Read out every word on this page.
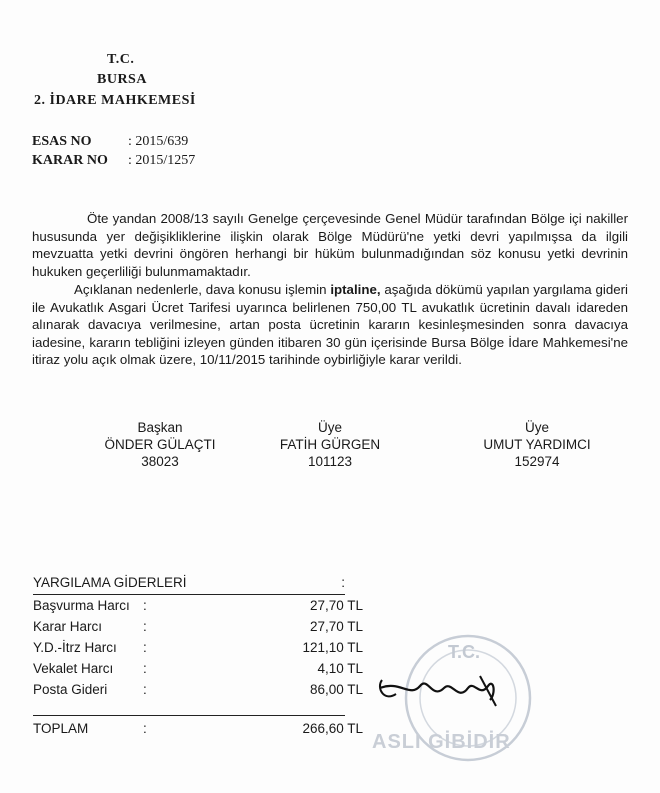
T.C.
BURSA
2. İDARE MAHKEMESİ
ESAS NO	: 2015/639
KARAR NO : 2015/1257

Öte yandan 2008/13 sayılı Genelge çerçevesinde Genel Müdür tarafından Bölge içi nakiller hususunda yer değişikliklerine ilişkin olarak Bölge Müdürü'ne yetki devri yapılmışsa da ilgili mevzuatta yetki devrini öngören herhangi bir hüküm bulunmadığından söz konusu yetki devrinin hukuken geçerliliği bulunmamaktadır.

Açıklanan nedenlerle, dava konusu işlemin iptaline, aşağıda dökümü yapılan yargılama gideri ile Avukatlık Asgari Ücret Tarifesi uyarınca belirlenen 750,00 TL avukatlık ücretinin davalı idareden alınarak davacıya verilmesine, artan posta ücretinin kararın kesinleşmesinden sonra davacıya iadesine, kararın tebliğini izleyen günden itibaren 30 gün içerisinde Bursa Bölge İdare Mahkemesi'ne itiraz yolu açık olmak üzere, 10/11/2015 tarihinde oybirliğiyle karar verildi.

Başkan
ÖNDER GÜLAÇTI
38023
Üye
FATİH GÜRGEN
101123
Üye
UMUT YARDIMCI
152974
YARGILAMA GİDERLERİ	:
Başvurma Harcı :	27,70 TL
Karar Harcı	:	27,70 TL
Y.D.-İtrz Harcı :	121,10 TL
Vekalet Harcı :	4,10 TL
Posta Gideri	:	86,00 TL
TOPLAM	:	266,60 TL
T.C.
ASLI GİBİDİR
